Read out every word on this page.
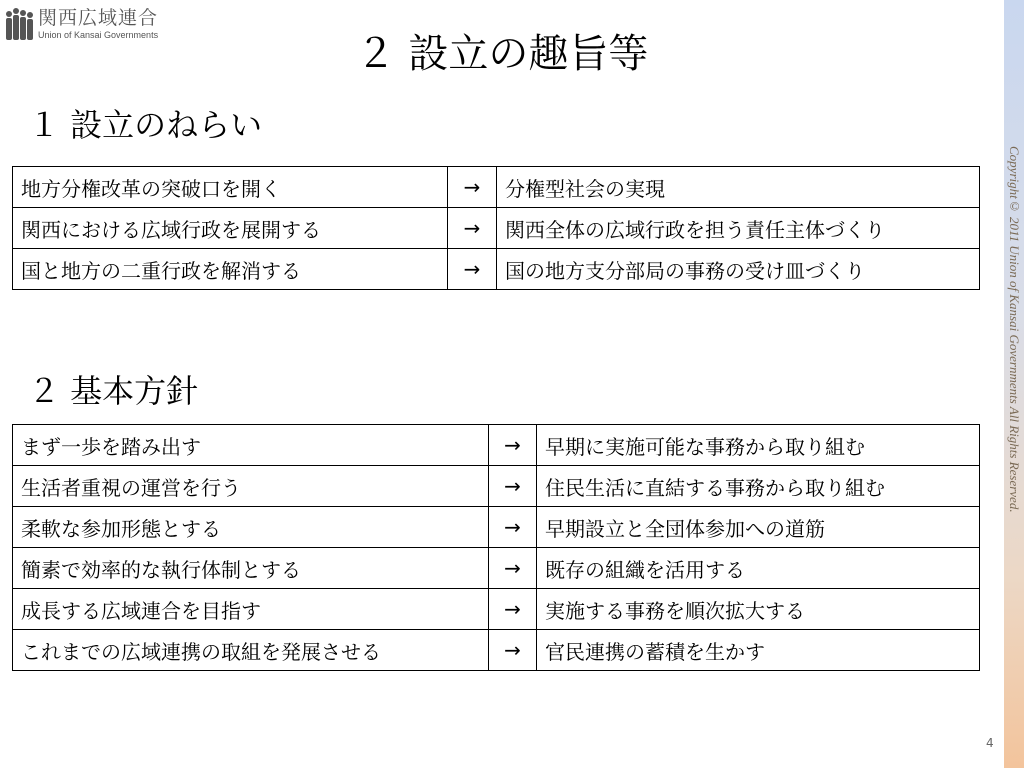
関西広域連合
Union of Kansai Governments	２ 設立の趣旨等
１ 設立のねらい
地方分権改革の突破口を開く	→	分権型社会の実現
関西における広域行政を展開する	→	関西全体の広域行政を担う責任主体づくり
国と地方の二重行政を解消する	→	国の地方支分部局の事務の受け皿づくり
２ 基本方針
まず一歩を踏み出す	→	早期に実施可能な事務から取り組む
生活者重視の運営を行う	→	住民生活に直結する事務から取り組む
柔軟な参加形態とする	→	早期設立と全団体参加への道筋
簡素で効率的な執行体制とする	→	既存の組織を活用する
成長する広域連合を目指す	→	実施する事務を順次拡大する
これまでの広域連携の取組を発展させる	→	官民連携の蓄積を生かす
Copyright© 2011 Union of Kansai Governments All Rights Reserved.
4
